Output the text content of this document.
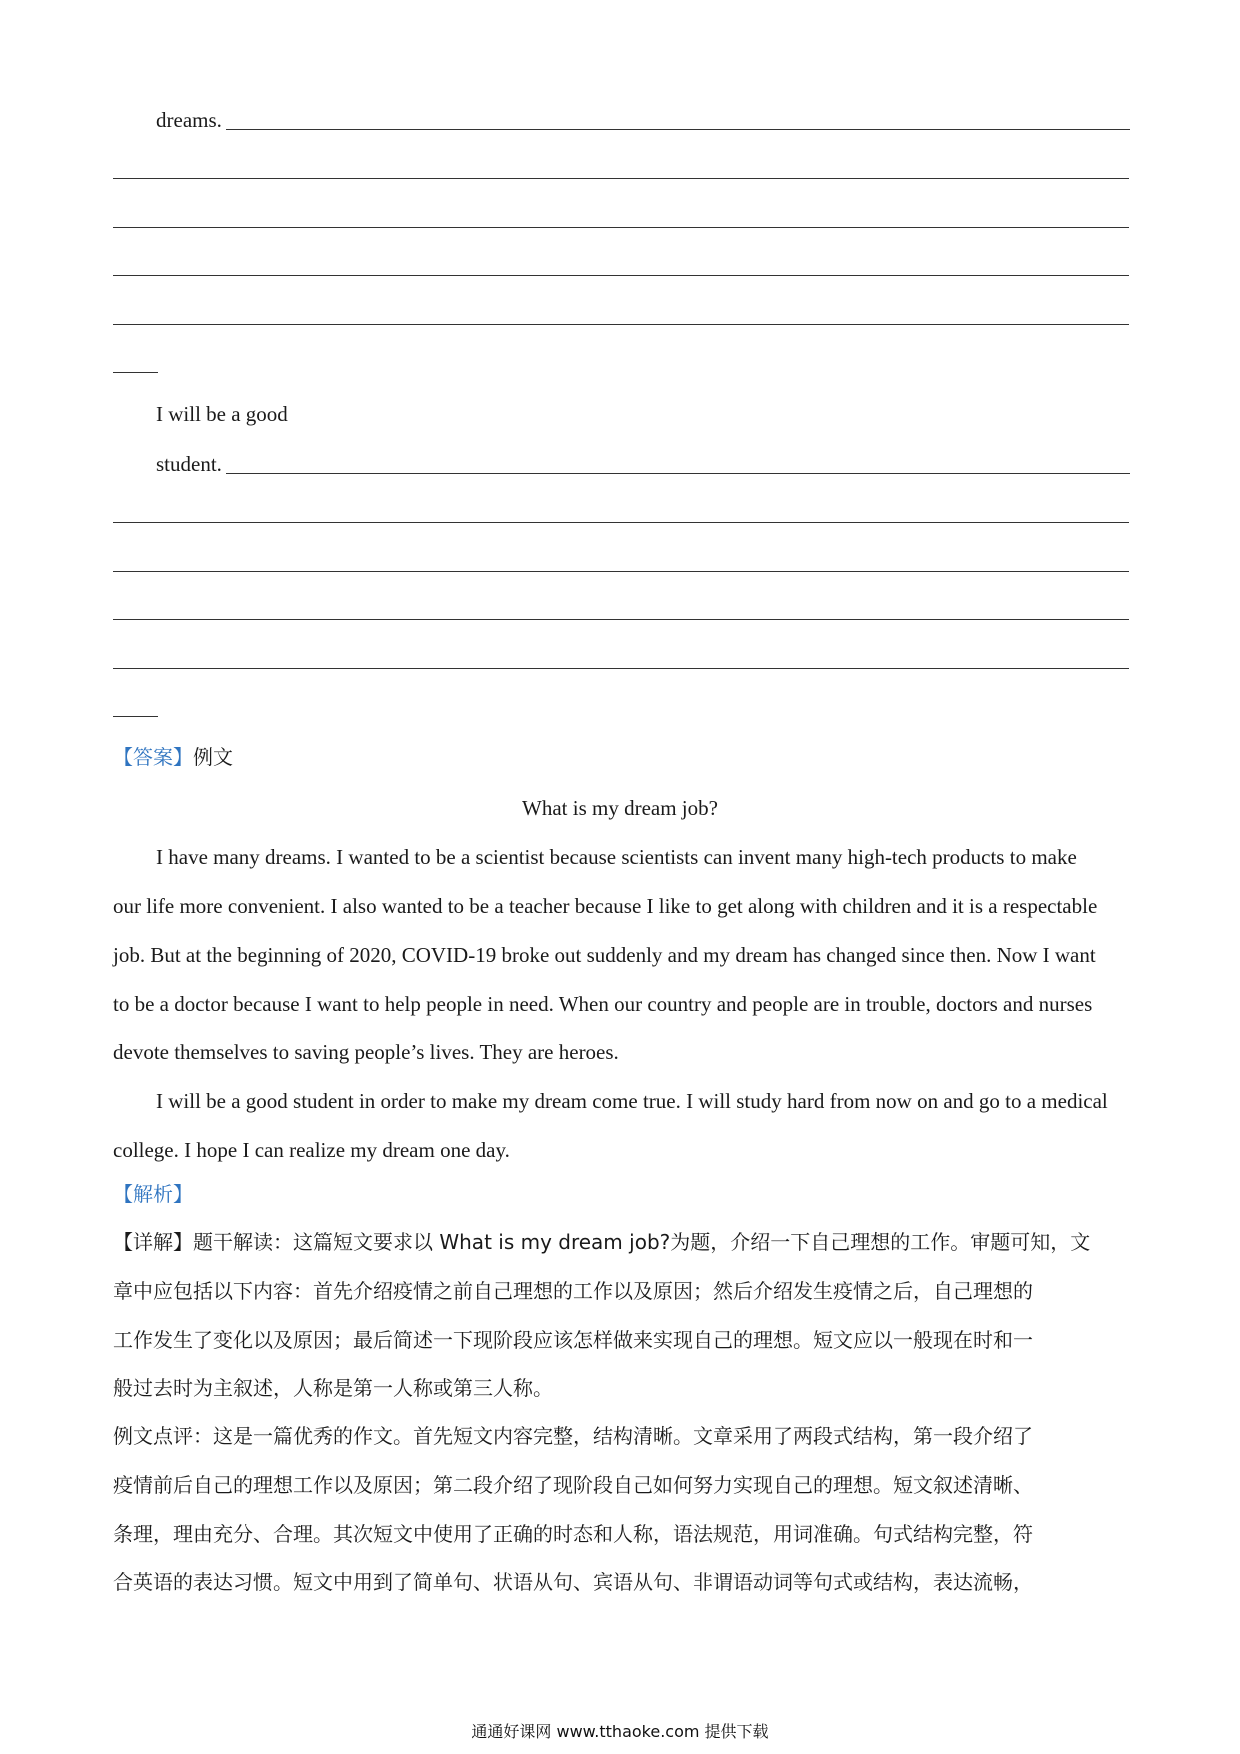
dreams.
I will be a good
student.
【答案】例文
What is my dream job?
I have many dreams. I wanted to be a scientist because scientists can invent many high-tech products to make
our life more convenient. I also wanted to be a teacher because I like to get along with children and it is a respectable
job. But at the beginning of 2020, COVID-19 broke out suddenly and my dream has changed since then. Now I want
to be a doctor because I want to help people in need. When our country and people are in trouble, doctors and nurses
devote themselves to saving people’s lives. They are heroes.
I will be a good student in order to make my dream come true. I will study hard from now on and go to a medical
college. I hope I can realize my dream one day.
【解析】
【详解】题干解读：这篇短文要求以 What is my dream job?为题，介绍一下自己理想的工作。审题可知，文
章中应包括以下内容：首先介绍疫情之前自己理想的工作以及原因；然后介绍发生疫情之后，自己理想的
工作发生了变化以及原因；最后简述一下现阶段应该怎样做来实现自己的理想。短文应以一般现在时和一
般过去时为主叙述，人称是第一人称或第三人称。
例文点评：这是一篇优秀的作文。首先短文内容完整，结构清晰。文章采用了两段式结构，第一段介绍了
疫情前后自己的理想工作以及原因；第二段介绍了现阶段自己如何努力实现自己的理想。短文叙述清晰、
条理，理由充分、合理。其次短文中使用了正确的时态和人称，语法规范，用词准确。句式结构完整，符
合英语的表达习惯。短文中用到了简单句、状语从句、宾语从句、非谓语动词等句式或结构，表达流畅，
通通好课网 www.tthaoke.com 提供下载
